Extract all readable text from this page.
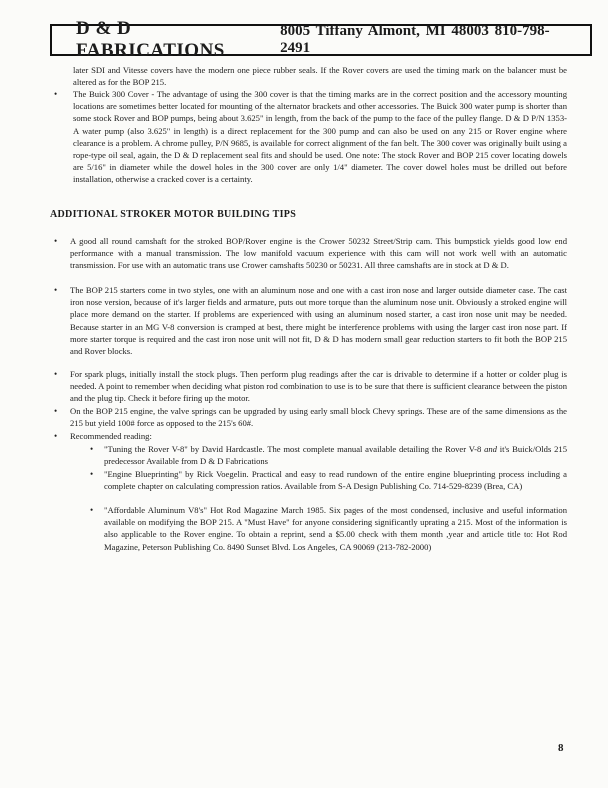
D & D FABRICATIONS
8005 Tiffany Almont, MI 48003 810-798-2491

later SDI and Vitesse covers have the modern one piece rubber seals. If the Rover covers are used the timing mark on the balancer must be altered as for the BOP 215.

• The Buick 300 Cover - The advantage of using the 300 cover is that the timing marks are in the correct position and the accessory mounting locations are sometimes better located for mounting of the alternator brackets and other accessories. The Buick 300 water pump is shorter than some stock Rover and BOP pumps, being about 3.625" in length, from the back of the pump to the face of the pulley flange. D & D P/N 1353-A water pump (also 3.625" in length) is a direct replacement for the 300 pump and can also be used on any 215 or Rover engine where clearance is a problem. A chrome pulley, P/N 9685, is available for correct alignment of the fan belt. The 300 cover was originally built using a rope-type oil seal, again, the D & D replacement seal fits and should be used. One note: The stock Rover and BOP 215 cover locating dowels are 5/16" in diameter while the dowel holes in the 300 cover are only 1/4" diameter. The cover dowel holes must be drilled out before installation, otherwise a cracked cover is a certainty.

ADDITIONAL STROKER MOTOR BUILDING TIPS

• A good all round camshaft for the stroked BOP/Rover engine is the Crower 50232 Street/Strip cam. This bumpstick yields good low end performance with a manual transmission. The low manifold vacuum experience with this cam will not work well with an automatic transmission. For use with an automatic trans use Crower camshafts 50230 or 50231. All three camshafts are in stock at D & D.

• The BOP 215 starters come in two styles, one with an aluminum nose and one with a cast iron nose and larger outside diameter case. The cast iron nose version, because of it's larger fields and armature, puts out more torque than the aluminum nose unit. Obviously a stroked engine will place more demand on the starter. If problems are experienced with using an aluminum nosed starter, a cast iron nose unit may be needed. Because starter in an MG V-8 conversion is cramped at best, there might be interference problems with using the larger cast iron nose part. If more starter torque is required and the cast iron nose unit will not fit, D & D has modern small gear reduction starters to fit both the BOP 215 and Rover blocks.

• For spark plugs, initially install the stock plugs. Then perform plug readings after the car is drivable to determine if a hotter or colder plug is needed. A point to remember when deciding what piston rod combination to use is to be sure that there is sufficient clearance between the piston and the plug tip. Check it before firing up the motor.

• On the BOP 215 engine, the valve springs can be upgraded by using early small block Chevy springs. These are of the same dimensions as the 215 but yield 100# force as opposed to the 215's 60#.

• Recommended reading:

• "Tuning the Rover V-8" by David Hardcastle. The most complete manual available detailing the Rover V-8 and it's Buick/Olds 215 predecessor Available from D & D Fabrications

• "Engine Blueprinting" by Rick Voegelin. Practical and easy to read rundown of the entire engine blueprinting process including a complete chapter on calculating compression ratios. Available from S-A Design Publishing Co. 714-529-8239 (Brea, CA)

• "Affordable Aluminum V8's" Hot Rod Magazine March 1985. Six pages of the most condensed, inclusive and useful information available on modifying the BOP 215. A "Must Have" for anyone considering significantly uprating a 215. Most of the information is also applicable to the Rover engine. To obtain a reprint, send a $5.00 check with them month ,year and article title to: Hot Rod Magazine, Peterson Publishing Co. 8490 Sunset Blvd. Los Angeles, CA 90069 (213-782-2000)

8
